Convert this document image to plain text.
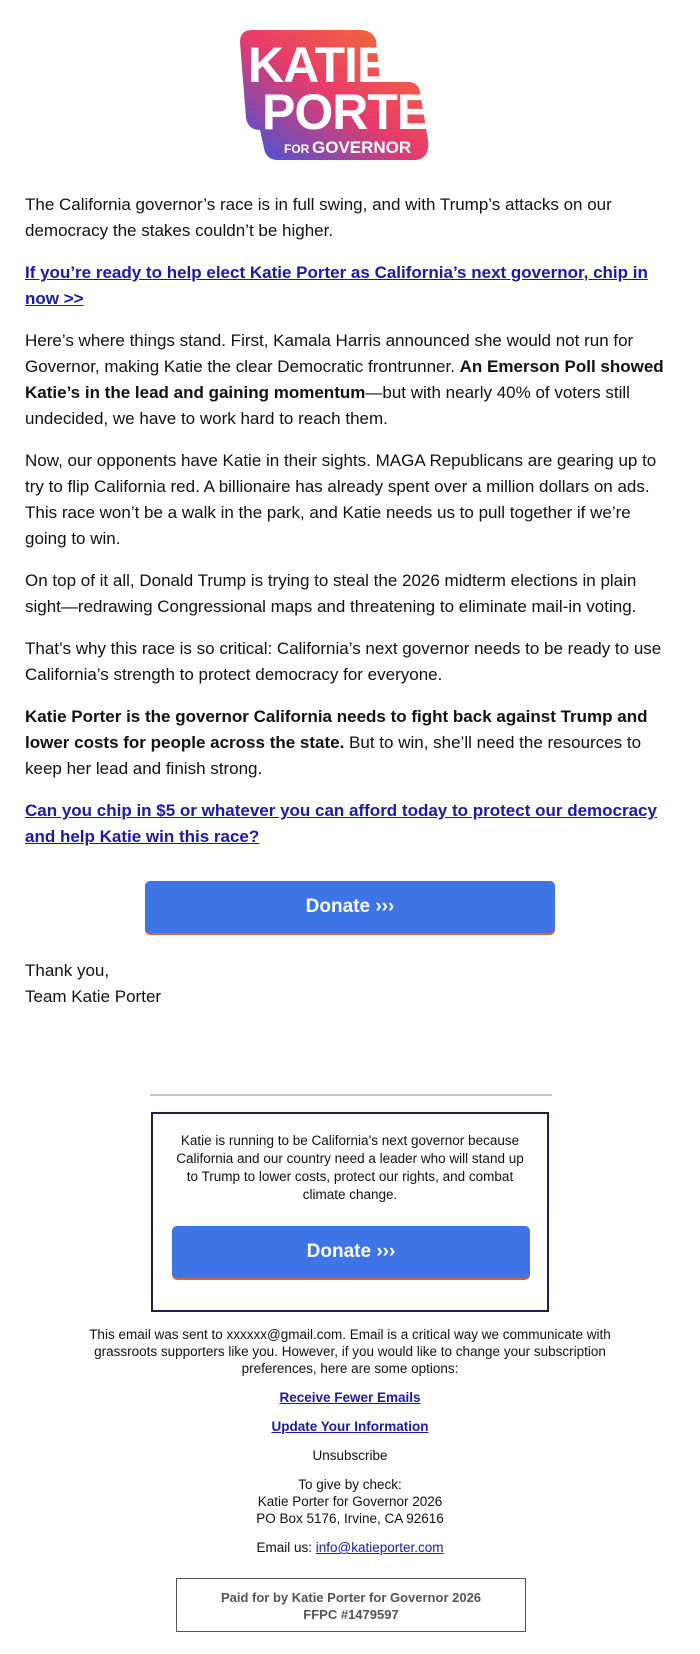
KATIE
PORTER
FOR GOVERNOR

The California governor’s race is in full swing, and with Trump’s attacks on our democracy the stakes couldn’t be higher.

If you’re ready to help elect Katie Porter as California’s next governor, chip in now >>

Here’s where things stand. First, Kamala Harris announced she would not run for Governor, making Katie the clear Democratic frontrunner. An Emerson Poll showed Katie’s in the lead and gaining momentum—but with nearly 40% of voters still undecided, we have to work hard to reach them.

Now, our opponents have Katie in their sights. MAGA Republicans are gearing up to try to flip California red. A billionaire has already spent over a million dollars on ads. This race won’t be a walk in the park, and Katie needs us to pull together if we’re going to win.

On top of it all, Donald Trump is trying to steal the 2026 midterm elections in plain sight—redrawing Congressional maps and threatening to eliminate mail-in voting.

That’s why this race is so critical: California’s next governor needs to be ready to use California’s strength to protect democracy for everyone.

Katie Porter is the governor California needs to fight back against Trump and lower costs for people across the state. But to win, she’ll need the resources to keep her lead and finish strong.

Can you chip in $5 or whatever you can afford today to protect our democracy and help Katie win this race?
Donate ›››
Thank you,
Team Katie Porter
Katie is running to be California’s next governor because California and our country need a leader who will stand up to Trump to lower costs, protect our rights, and combat climate change.
Donate ›››

This email was sent to xxxxxx@gmail.com. Email is a critical way we communicate with grassroots supporters like you. However, if you would like to change your subscription preferences, here are some options:

Receive Fewer Emails

Update Your Information

Unsubscribe

To give by check:
Katie Porter for Governor 2026
PO Box 5176, Irvine, CA 92616

Email us: info@katieporter.com

Paid for by Katie Porter for Governor 2026
FFPC #1479597
